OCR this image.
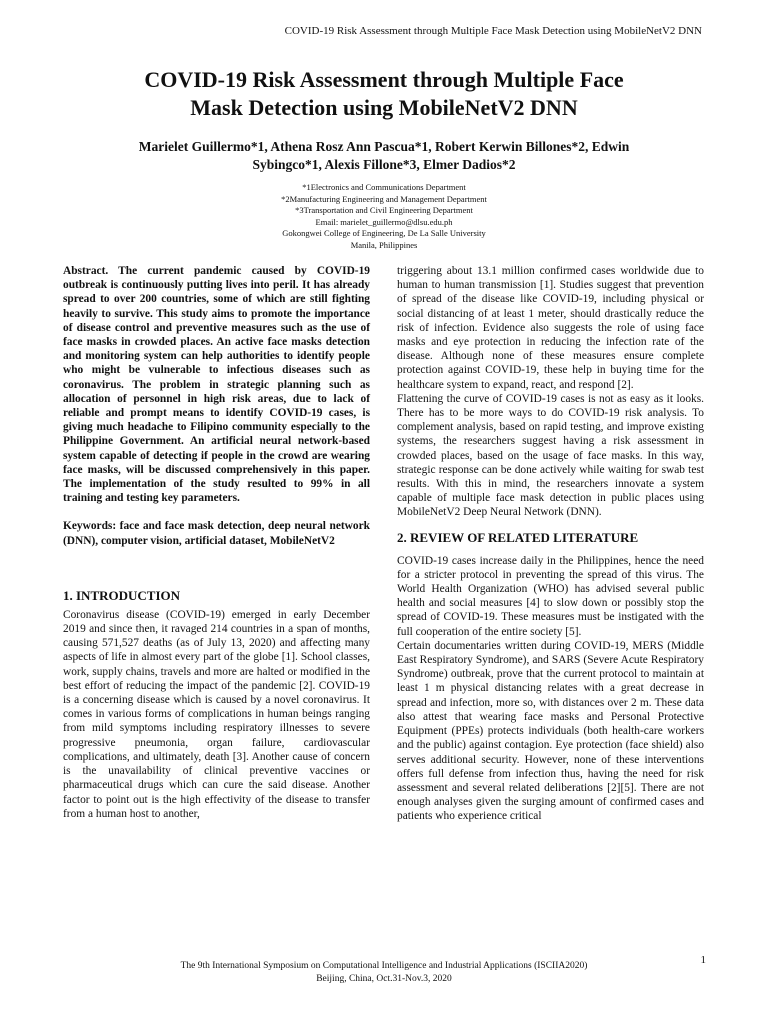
COVID-19 Risk Assessment through Multiple Face Mask Detection using MobileNetV2 DNN
COVID-19 Risk Assessment through Multiple Face
Mask Detection using MobileNetV2 DNN
Marielet Guillermo*1, Athena Rosz Ann Pascua*1, Robert Kerwin Billones*2, Edwin
Sybingco*1, Alexis Fillone*3, Elmer Dadios*2
*1Electronics and Communications Department
*2Manufacturing Engineering and Management Department
*3Transportation and Civil Engineering Department
Email: marielet_guillermo@dlsu.edu.ph
Gokongwei College of Engineering, De La Salle University
Manila, Philippines

Abstract. The current pandemic caused by COVID-19 outbreak is continuously putting lives into peril. It has already spread to over 200 countries, some of which are still fighting heavily to survive. This study aims to promote the importance of disease control and preventive measures such as the use of face masks in crowded places. An active face masks detection and monitoring system can help authorities to identify people who might be vulnerable to infectious diseases such as coronavirus. The problem in strategic planning such as allocation of personnel in high risk areas, due to lack of reliable and prompt means to identify COVID-19 cases, is giving much headache to Filipino community especially to the Philippine Government. An artificial neural network-based system capable of detecting if people in the crowd are wearing face masks, will be discussed comprehensively in this paper. The implementation of the study resulted to 99% in all training and testing key parameters.

Keywords: face and face mask detection, deep neural network (DNN), computer vision, artificial dataset, MobileNetV2

1. INTRODUCTION

Coronavirus disease (COVID-19) emerged in early December 2019 and since then, it ravaged 214 countries in a span of months, causing 571,527 deaths (as of July 13, 2020) and affecting many aspects of life in almost every part of the globe [1]. School classes, work, supply chains, travels and more are halted or modified in the best effort of reducing the impact of the pandemic [2]. COVID-19 is a concerning disease which is caused by a novel coronavirus. It comes in various forms of complications in human beings ranging from mild symptoms including respiratory illnesses to severe progressive pneumonia, organ failure, cardiovascular complications, and ultimately, death [3]. Another cause of concern is the unavailability of clinical preventive vaccines or pharmaceutical drugs which can cure the said disease. Another factor to point out is the high effectivity of the disease to transfer from a human host to another,

triggering about 13.1 million confirmed cases worldwide due to human to human transmission [1]. Studies suggest that prevention of spread of the disease like COVID-19, including physical or social distancing of at least 1 meter, should drastically reduce the risk of infection. Evidence also suggests the role of using face masks and eye protection in reducing the infection rate of the disease. Although none of these measures ensure complete protection against COVID-19, these help in buying time for the healthcare system to expand, react, and respond [2].

Flattening the curve of COVID-19 cases is not as easy as it looks. There has to be more ways to do COVID-19 risk analysis. To complement analysis, based on rapid testing, and improve existing systems, the researchers suggest having a risk assessment in crowded places, based on the usage of face masks. In this way, strategic response can be done actively while waiting for swab test results. With this in mind, the researchers innovate a system capable of multiple face mask detection in public places using MobileNetV2 Deep Neural Network (DNN).

2. REVIEW OF RELATED LITERATURE

COVID-19 cases increase daily in the Philippines, hence the need for a stricter protocol in preventing the spread of this virus. The World Health Organization (WHO) has advised several public health and social measures [4] to slow down or possibly stop the spread of COVID-19. These measures must be instigated with the full cooperation of the entire society [5].

Certain documentaries written during COVID-19, MERS (Middle East Respiratory Syndrome), and SARS (Severe Acute Respiratory Syndrome) outbreak, prove that the current protocol to maintain at least 1 m physical distancing relates with a great decrease in spread and infection, more so, with distances over 2 m. These data also attest that wearing face masks and Personal Protective Equipment (PPEs) protects individuals (both health-care workers and the public) against contagion. Eye protection (face shield) also serves additional security. However, none of these interventions offers full defense from infection thus, having the need for risk assessment and several related deliberations [2][5]. There are not enough analyses given the surging amount of confirmed cases and patients who experience critical

1
The 9th International Symposium on Computational Intelligence and Industrial Applications (ISCIIA2020)
Beijing, China, Oct.31-Nov.3, 2020
